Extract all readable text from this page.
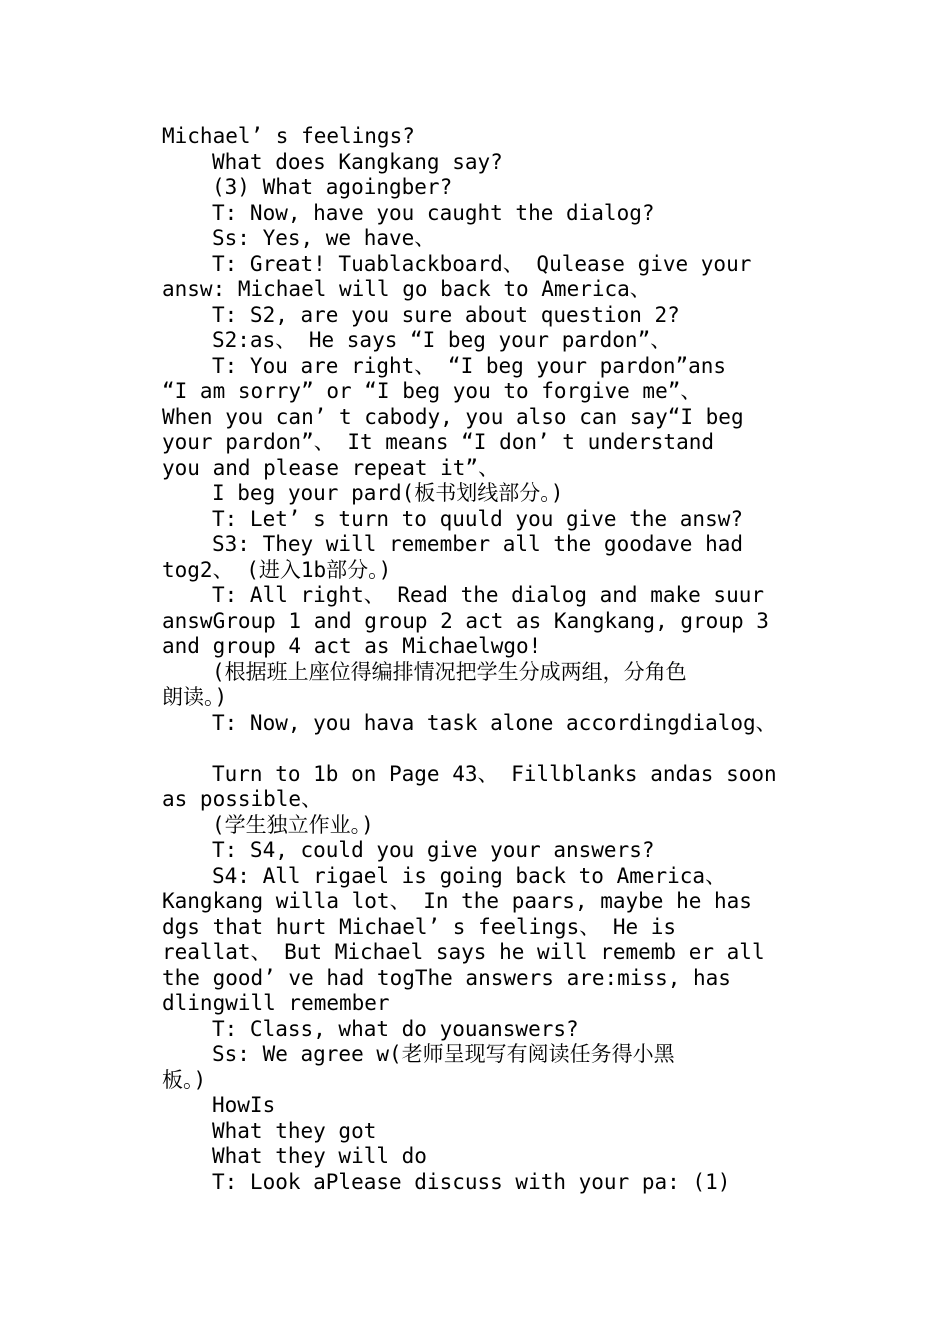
Michael’ s feelings?
What does Kangkang say?
(3) What agoingber?
T: Now, have you caught the dialog?
Ss: Yes, we have、
T: Great! Tuablackboard、 Qulease give your
answ: Michael will go back to America、
T: S2, are you sure about question 2?
S2:as、 He says “I beg your pardon”、
T: You are right、 “I beg your pardon”ans
“I am sorry” or “I beg you to forgive me”、
When you can’ t cabody, you also can say“I beg
your pardon”、 It means “I don’ t understand
you and please repeat it”、
I beg your pard(板书划线部分。)
T: Let’ s turn to quuld you give the answ?
S3: They will remember all the goodave had
tog2、 (进入1b部分。)
T: All right、 Read the dialog and make suur
answGroup 1 and group 2 act as Kangkang, group 3
and group 4 act as Michaelwgo!
(根据班上座位得编排情况把学生分成两组，分角色
朗读。)
T: Now, you hava task alone accordingdialog、
Turn to 1b on Page 43、 Fillblanks andas soon
as possible、
(学生独立作业。)
T: S4, could you give your answers?
S4: All rigael is going back to America、
Kangkang willa lot、 In the paars, maybe he has
dgs that hurt Michael’ s feelings、 He is
reallat、 But Michael says he will rememb er all
the good’ ve had togThe answers are:miss, has
dlingwill remember
T: Class, what do youanswers?
Ss: We agree w(老师呈现写有阅读任务得小黑
板。)
HowIs
What they got
What they will do
T: Look aPlease discuss with your pa: (1)
